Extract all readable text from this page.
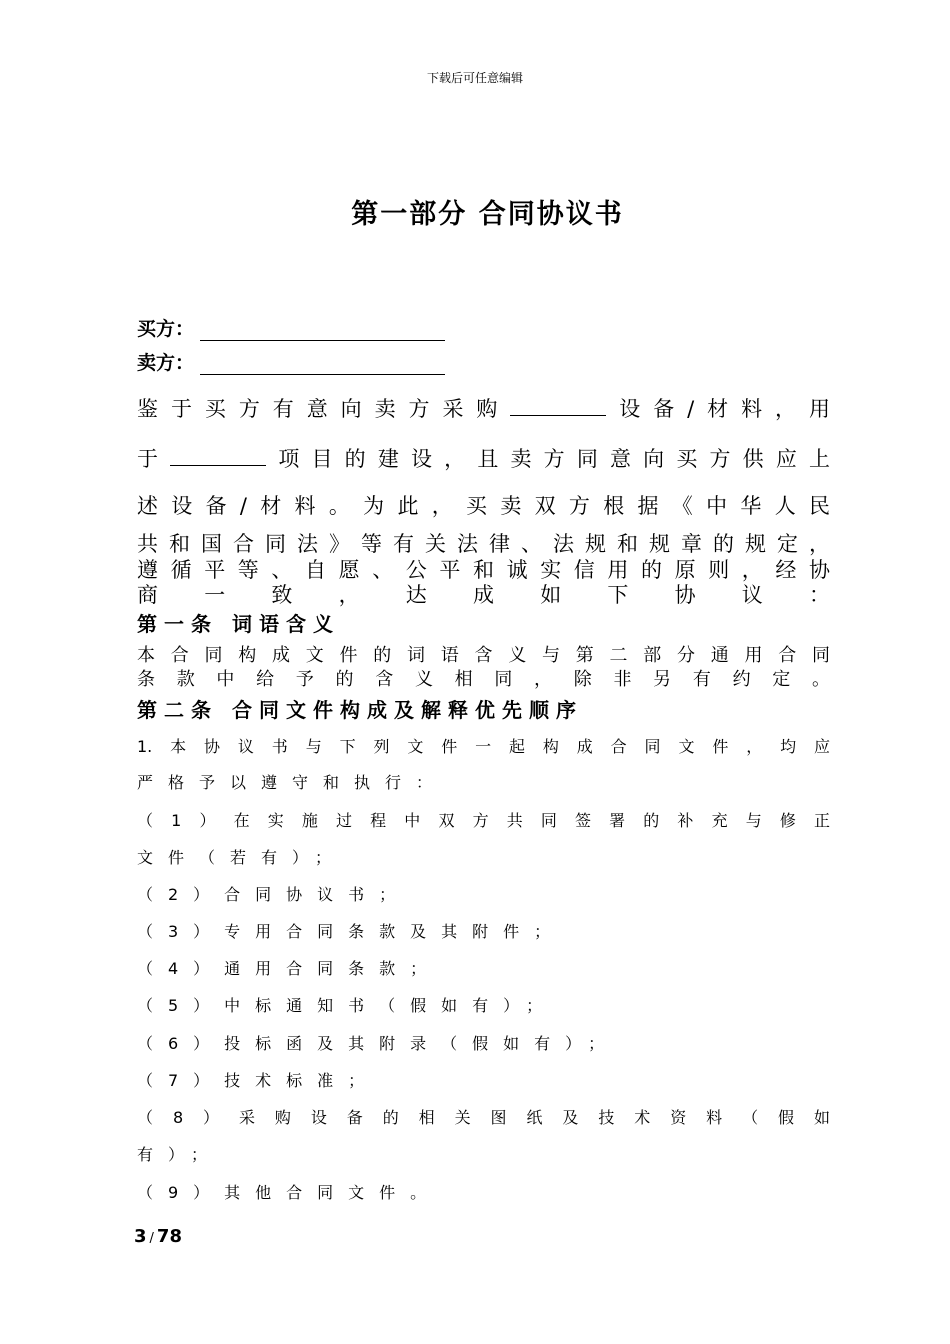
下载后可任意编辑
第一部分 合同协议书
买方：
卖方：
鉴于买方有意向卖方采购	设备/材料，用
于	项目的建设，且卖方同意向买方供应上
述设备/材料。为此，买卖双方根据《中华人民
共和国合同法》等有关法律、法规和规章的规定，
遵循平等、自愿、公平和诚实信用的原则，经协
商一致，达成如下协议：
第一条 词语含义
本合同构成文件的词语含义与第二部分通用合同
条款中给予的含义相同，除非另有约定。
第二条 合同文件构成及解释优先顺序
1.本协议书与下列文件一起构成合同文件，均应
严格予以遵守和执行：
（1）在实施过程中双方共同签署的补充与修正
文件（若有）；
（2）合同协议书；
（3）专用合同条款及其附件；
（4）通用合同条款；
（5）中标通知书（假如有）；
（6）投标函及其附录（假如有）；
（7）技术标准；
（8）采购设备的相关图纸及技术资料（假如
有）；
（9）其他合同文件。
3 / 78
